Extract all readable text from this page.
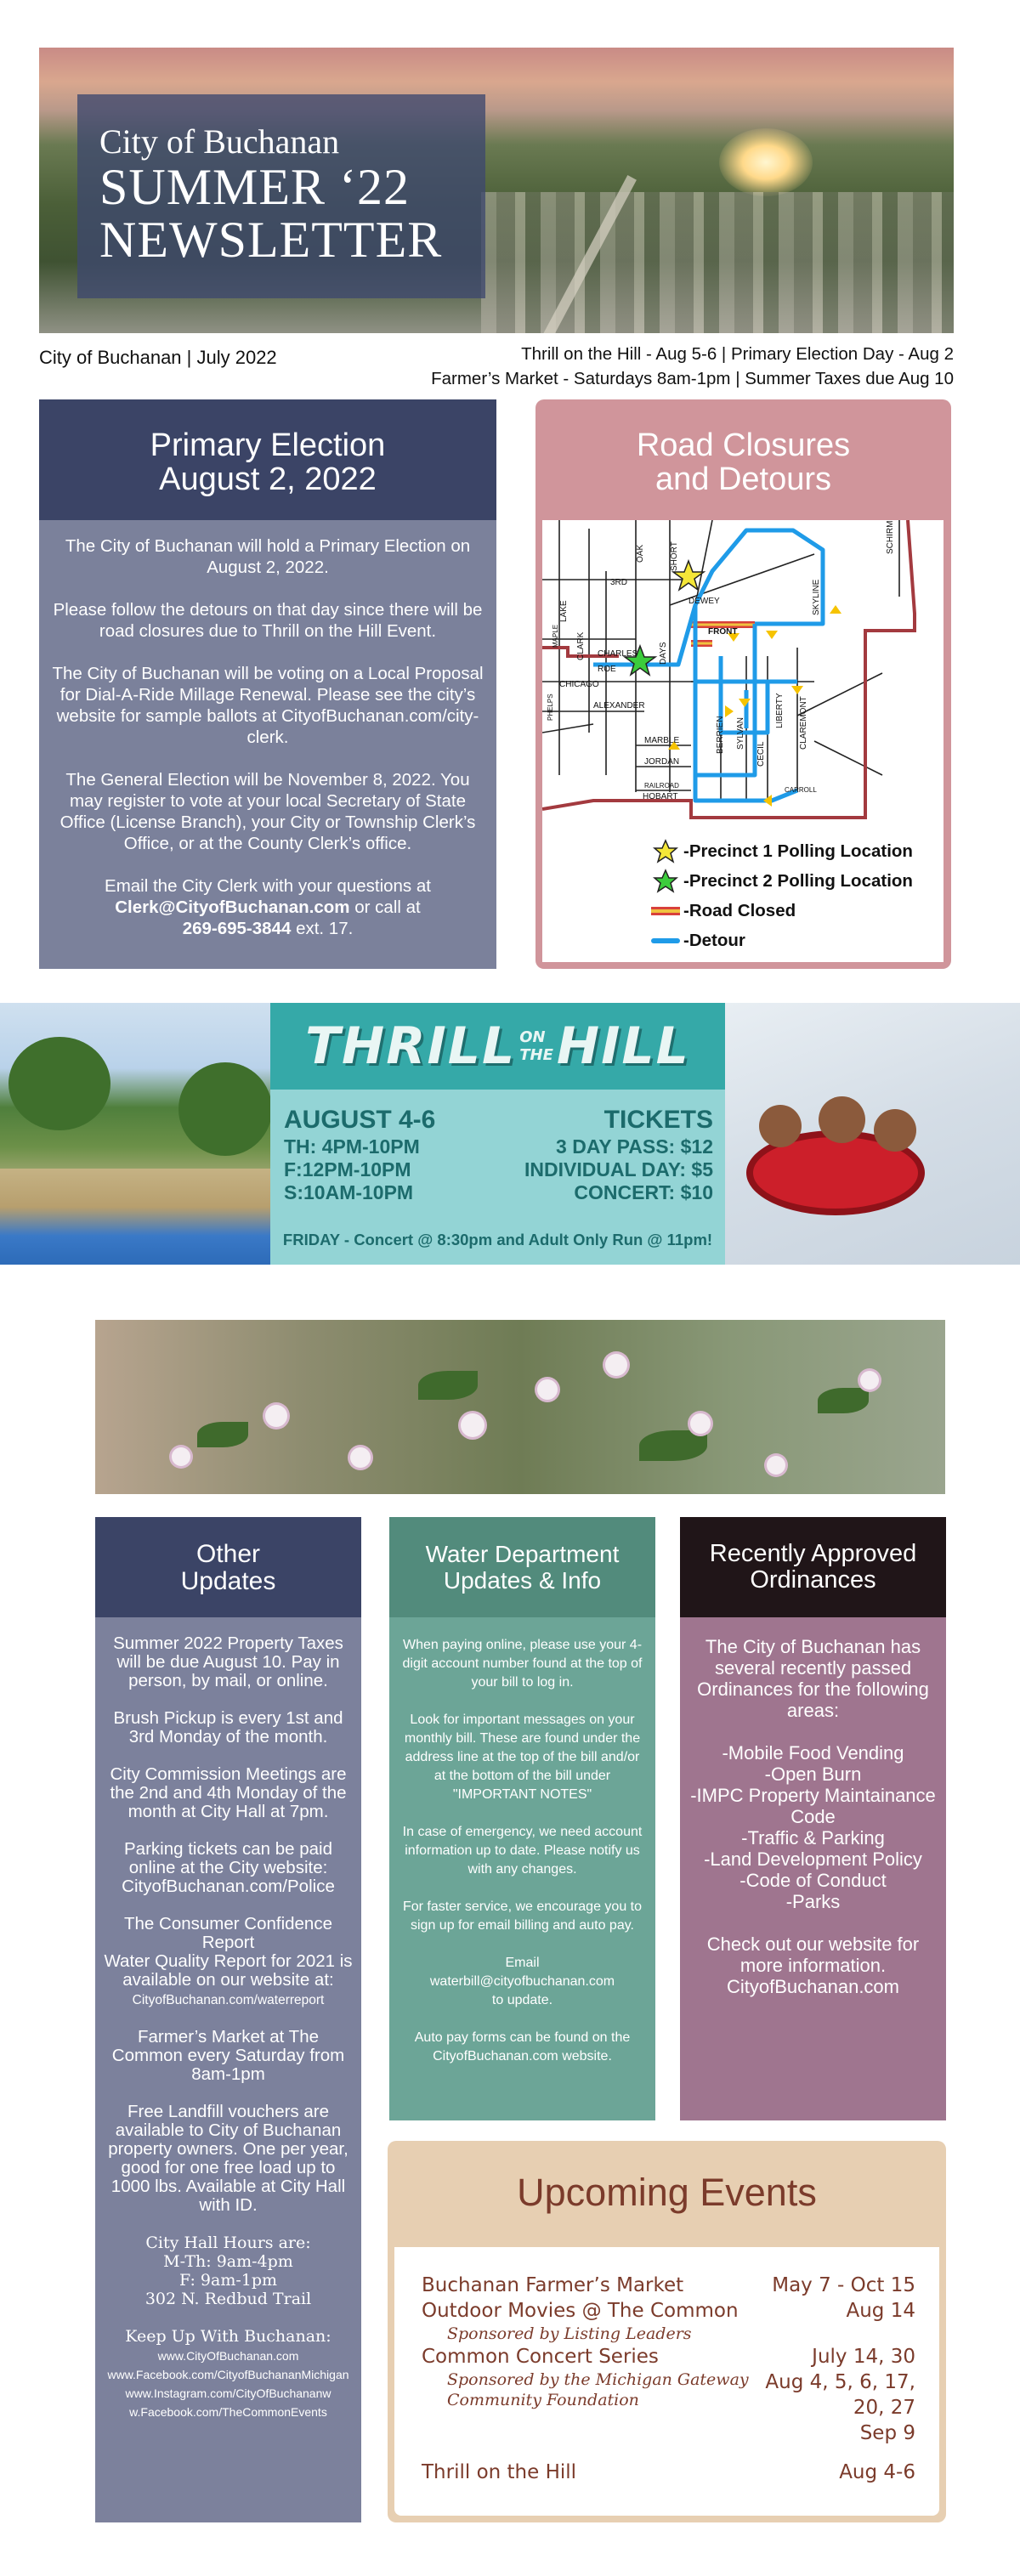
City of Buchanan
SUMMER ‘22
NEWSLETTER
City of Buchanan | July 2022	Thrill on the Hill - Aug 5-6 | Primary Election Day - Aug 2
Farmer’s Market - Saturdays 8am-1pm | Summer Taxes due Aug 10
Primary Election
August 2, 2022

The City of Buchanan will hold a Primary Election on August 2, 2022.

Please follow the detours on that day since there will be road closures due to Thrill on the Hill Event.

The City of Buchanan will be voting on a Local Proposal for Dial-A-Ride Millage Renewal. Please see the city’s website for sample ballots at CityofBuchanan.com/city-clerk.

The General Election will be November 8, 2022. You may register to vote at your local Secretary of State Office (License Branch), your City or Township Clerk’s Office, or at the County Clerk’s office.

Email the City Clerk with your questions at
Clerk@CityofBuchanan.com or call at
269-695-3844 ext. 17.

Road Closures
and Detours
3RD
SHORT
OAK
DEWEY	SKYLINE
SCHIRM
LAKE
MAPLE CLARK CHARLES
ROE
DAYS
FRONT
CHICAGO
PHELPS	ALEXANDER
BERRIEN SYLVAN
CECIL
LIBERTY CLAREMONT
MARBLE
JORDAN
RAILROAD
HOBART
CARROLL
-Precinct 1 Polling Location
-Precinct 2 Polling Location
-Road Closed
-Detour
THRILL ON
THE HILL
AUGUST 4-6
TH: 4PM-10PM
F:12PM-10PM
S:10AM-10PM
TICKETS
3 DAY PASS: $12
INDIVIDUAL DAY: $5
CONCERT: $10
FRIDAY - Concert @ 8:30pm and Adult Only Run @ 11pm!
Other
Updates

Summer 2022 Property Taxes will be due August 10. Pay in person, by mail, or online.

Brush Pickup is every 1st and 3rd Monday of the month.

City Commission Meetings are the 2nd and 4th Monday of the month at City Hall at 7pm.

Parking tickets can be paid online at the City website:
CityofBuchanan.com/Police

The Consumer Confidence Report
Water Quality Report for 2021 is available on our website at:
CityofBuchanan.com/waterreport

Farmer’s Market at The Common every Saturday from 8am-1pm

Free Landfill vouchers are available to City of Buchanan property owners. One per year, good for one free load up to 1000 lbs. Available at City Hall with ID.

City Hall Hours are:
M-Th: 9am-4pm
F: 9am-1pm
302 N. Redbud Trail

Keep Up With Buchanan:
www.CityOfBuchanan.com
www.Facebook.com/CityofBuchananMichigan
www.Instagram.com/CityOfBuchananw
w.Facebook.com/TheCommonEvents

Water Department
Updates & Info

When paying online, please use your 4-digit account number found at the top of your bill to log in.

Look for important messages on your monthly bill. These are found under the address line at the top of the bill and/or at the bottom of the bill under "IMPORTANT NOTES"

In case of emergency, we need account information up to date. Please notify us with any changes.

For faster service, we encourage you to sign up for email billing and auto pay.

Email
waterbill@cityofbuchanan.com
to update.

Auto pay forms can be found on the CityofBuchanan.com website.

Recently Approved
Ordinances

The City of Buchanan has several recently passed Ordinances for the following areas:

-Mobile Food Vending
-Open Burn
-IMPC Property Maintainance Code
-Traffic & Parking
-Land Development Policy
-Code of Conduct
-Parks

Check out our website for more information.
CityofBuchanan.com

Upcoming Events
Buchanan Farmer’s Market	May 7 - Oct 15
Outdoor Movies @ The Common	Aug 14
Sponsored by Listing Leaders
Common Concert Series	July 14, 30
Aug 4, 5, 6, 17,
20, 27
Sep 9
Sponsored by the Michigan Gateway
Community Foundation
Thrill on the Hill	Aug 4-6
